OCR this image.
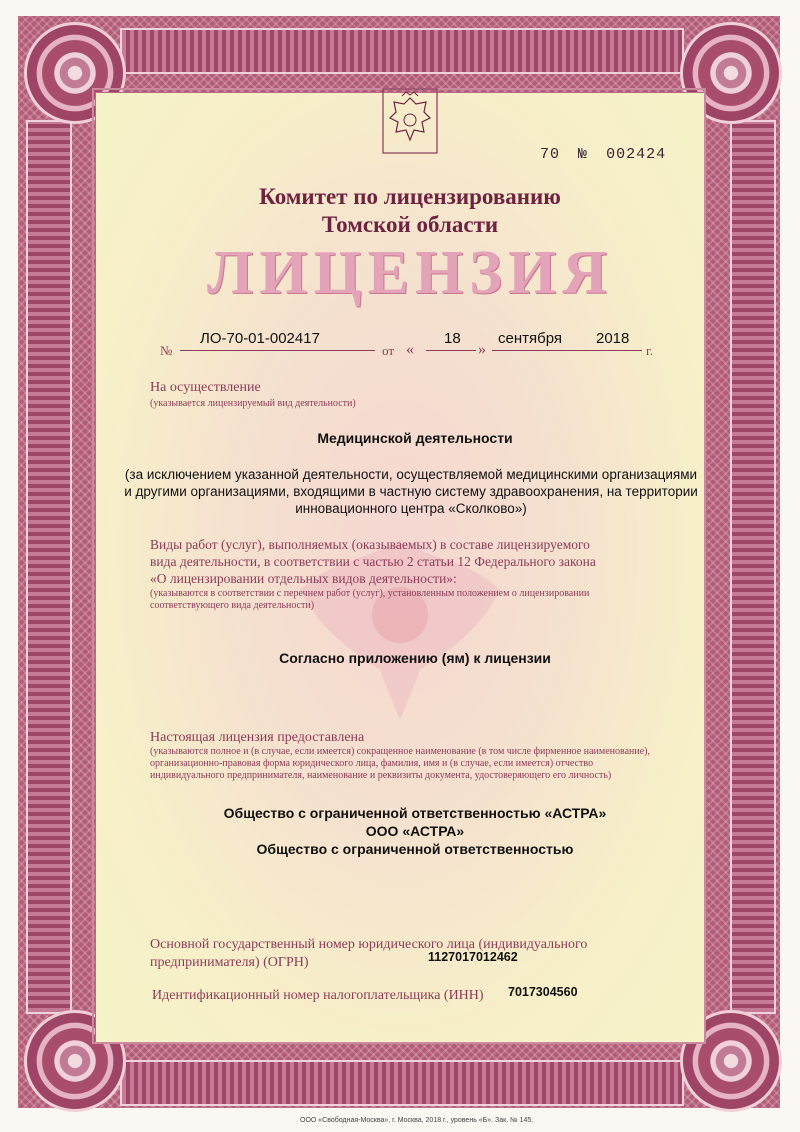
70 № 002424
Комитет по лицензированию
Томской области
ЛИЦЕНЗИЯ
№
ЛО-70-01-002417
от «
18
»
сентября 2018
г.
На осуществление
(указывается лицензируемый вид деятельности)
Медицинской деятельности
(за исключением указанной деятельности, осуществляемой медицинскими организациями и другими организациями, входящими в частную систему здравоохранения, на территории инновационного центра «Сколково»)
Виды работ (услуг), выполняемых (оказываемых) в составе лицензируемого
вида деятельности, в соответствии с частью 2 статьи 12 Федерального закона
«О лицензировании отдельных видов деятельности»:
(указываются в соответствии с перечнем работ (услуг), установленным положением о лицензировании соответствующего вида деятельности)
Согласно приложению (ям) к лицензии
Настоящая лицензия предоставлена
(указываются полное и (в случае, если имеется) сокращенное наименование (в том числе фирменное наименование), организационно-правовая форма юридического лица, фамилия, имя и (в случае, если имеется) отчество индивидуального предпринимателя, наименование и реквизиты документа, удостоверяющего его личность)
Общество с ограниченной ответственностью «АСТРА»
ООО «АСТРА»
Общество с ограниченной ответственностью
Основной государственный номер юридического лица (индивидуального
предпринимателя) (ОГРН)	1127017012462
Идентификационный номер налогоплательщика (ИНН) 7017304560
ООО «Свободная-Москва», г. Москва, 2018 г., уровень «Б». Зак. № 145.
